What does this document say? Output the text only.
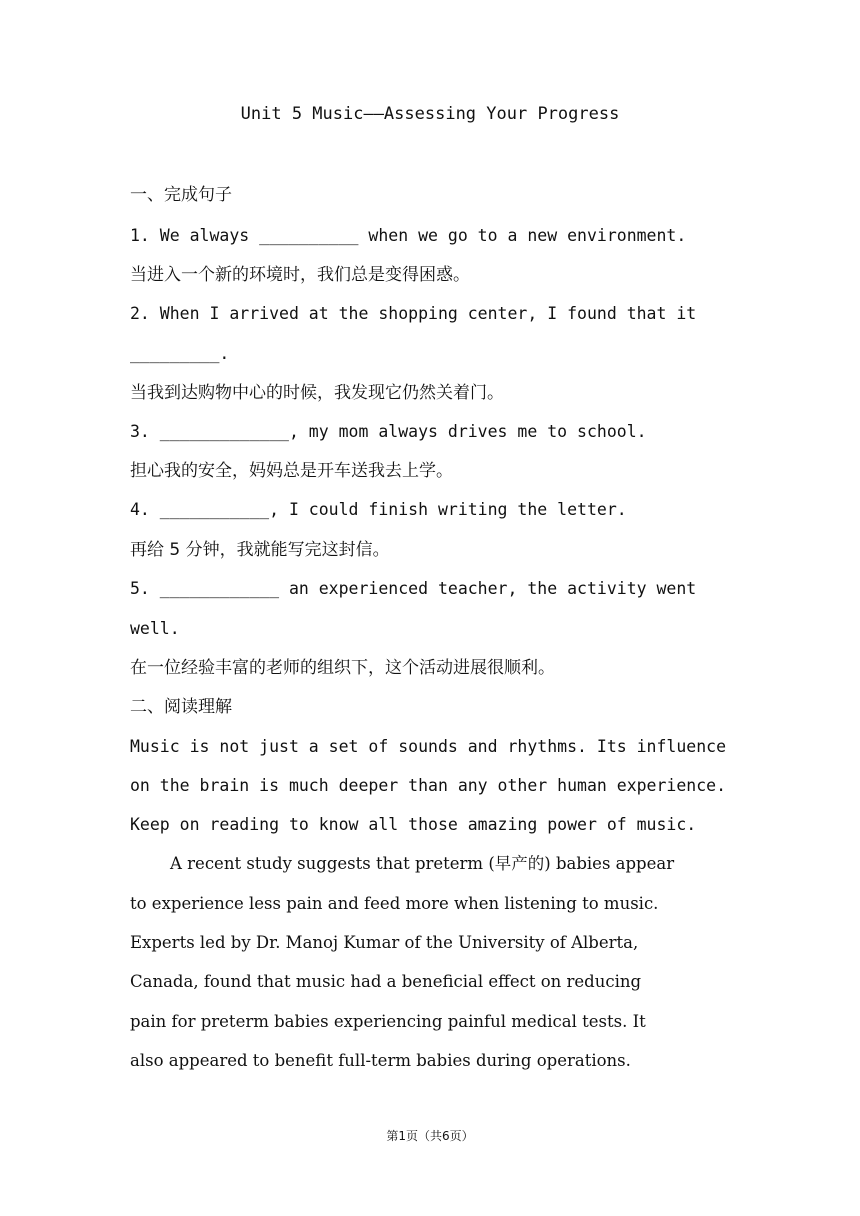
Unit 5 Music——Assessing Your Progress
一、完成句子
1. We always __________ when we go to a new environment.
当进入一个新的环境时，我们总是变得困惑。
2. When I arrived at the shopping center, I found that it
_________.
当我到达购物中心的时候，我发现它仍然关着门。
3. _____________, my mom always drives me to school.
担心我的安全，妈妈总是开车送我去上学。
4. ___________, I could finish writing the letter.
再给 5 分钟，我就能写完这封信。
5. ____________ an experienced teacher, the activity went
well.
在一位经验丰富的老师的组织下，这个活动进展很顺利。
二、阅读理解
Music is not just a set of sounds and rhythms. Its influence
on the brain is much deeper than any other human experience.
Keep on reading to know all those amazing power of music.
A recent study suggests that preterm (早产的) babies appear
to experience less pain and feed more when listening to music.
Experts led by Dr. Manoj Kumar of the University of Alberta,
Canada, found that music had a beneficial effect on reducing
pain for preterm babies experiencing painful medical tests. It
also appeared to benefit full-term babies during operations.
第1页（共6页）
